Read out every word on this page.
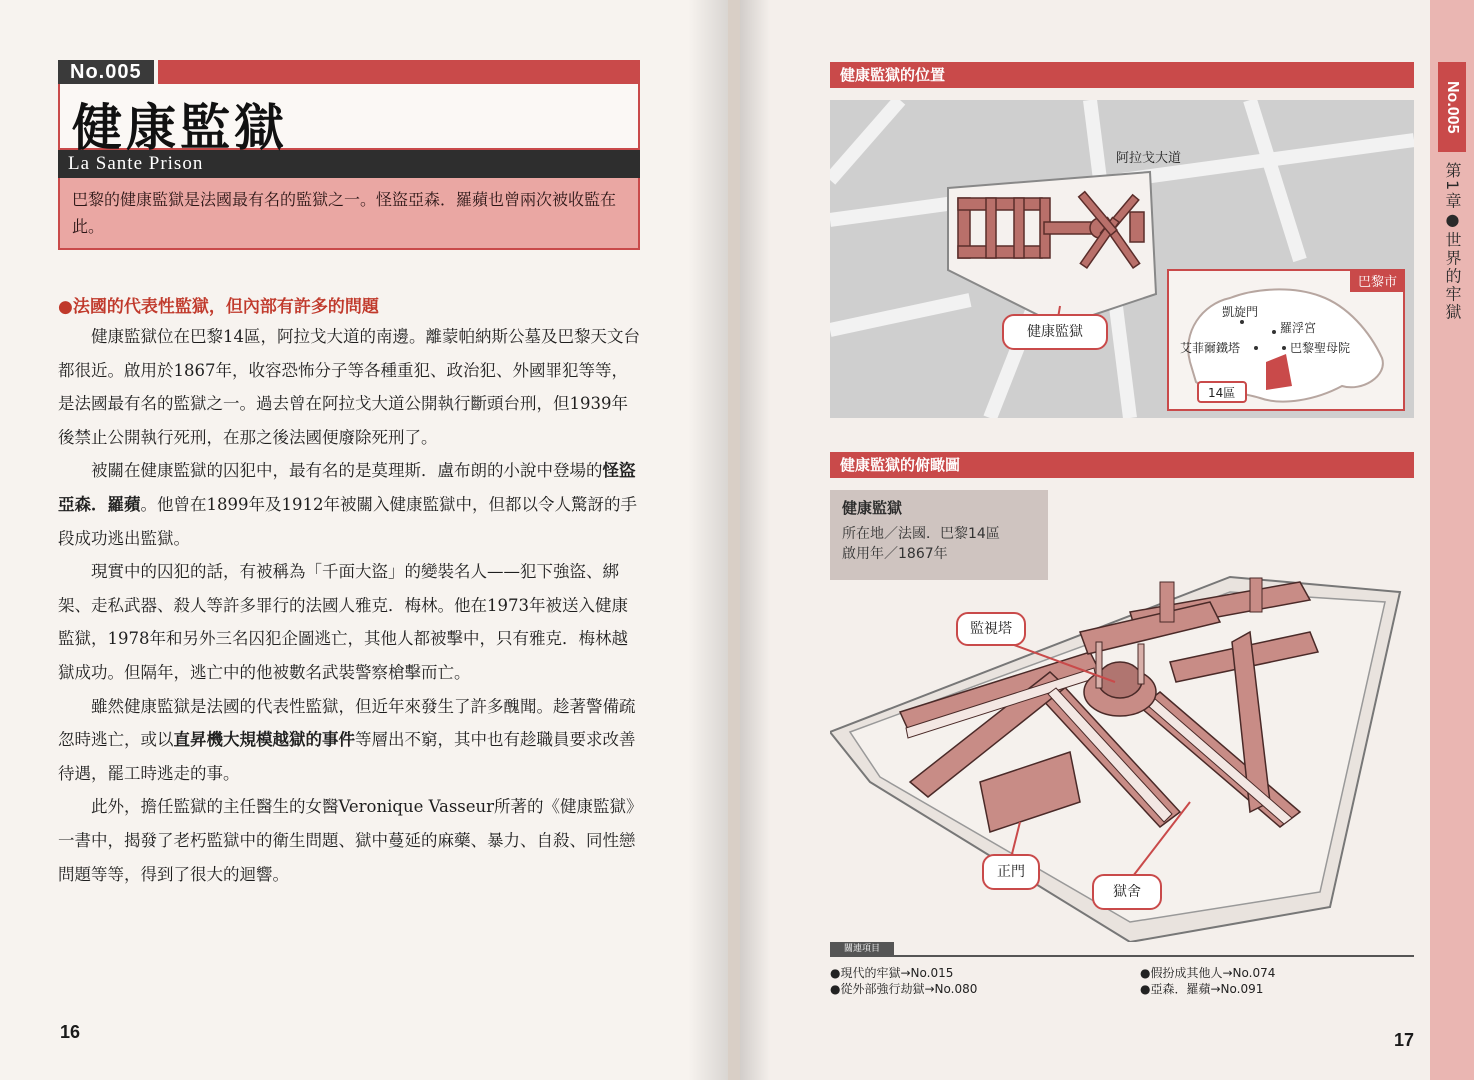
No.005
健康監獄
La Sante Prison
巴黎的健康監獄是法國最有名的監獄之一。怪盜亞森．羅蘋也曾兩次被收監在此。
●法國的代表性監獄，但內部有許多的問題

健康監獄位在巴黎14區，阿拉戈大道的南邊。離蒙帕納斯公墓及巴黎天文台都很近。啟用於1867年，收容恐怖分子等各種重犯、政治犯、外國罪犯等等，是法國最有名的監獄之一。過去曾在阿拉戈大道公開執行斷頭台刑，但1939年後禁止公開執行死刑，在那之後法國便廢除死刑了。

被關在健康監獄的囚犯中，最有名的是莫理斯．盧布朗的小說中登場的怪盜亞森．羅蘋。他曾在1899年及1912年被關入健康監獄中，但都以令人驚訝的手段成功逃出監獄。

現實中的囚犯的話，有被稱為「千面大盜」的變裝名人——犯下強盜、綁架、走私武器、殺人等許多罪行的法國人雅克．梅林。他在1973年被送入健康監獄，1978年和另外三名囚犯企圖逃亡，其他人都被擊中，只有雅克．梅林越獄成功。但隔年，逃亡中的他被數名武裝警察槍擊而亡。

雖然健康監獄是法國的代表性監獄，但近年來發生了許多醜聞。趁著警備疏忽時逃亡，或以直昇機大規模越獄的事件等層出不窮，其中也有趁職員要求改善待遇，罷工時逃走的事。

此外，擔任監獄的主任醫生的女醫Veronique Vasseur所著的《健康監獄》一書中，揭發了老朽監獄中的衛生問題、獄中蔓延的麻藥、暴力、自殺、同性戀問題等等，得到了很大的迴響。

16
健康監獄的位置
阿拉戈大道
巴黎市
凱旋門
羅浮宮
艾菲爾鐵塔	巴黎聖母院
14區
健康監獄
健康監獄的俯瞰圖
健康監獄
所在地／法國．巴黎14區
啟用年／1867年
監視塔
正門
獄舍
關連項目
●現代的牢獄→No.015
●從外部強行劫獄→No.080
●假扮成其他人→No.074
●亞森．羅蘋→No.091
17
No.005
第1章●世界的牢獄
